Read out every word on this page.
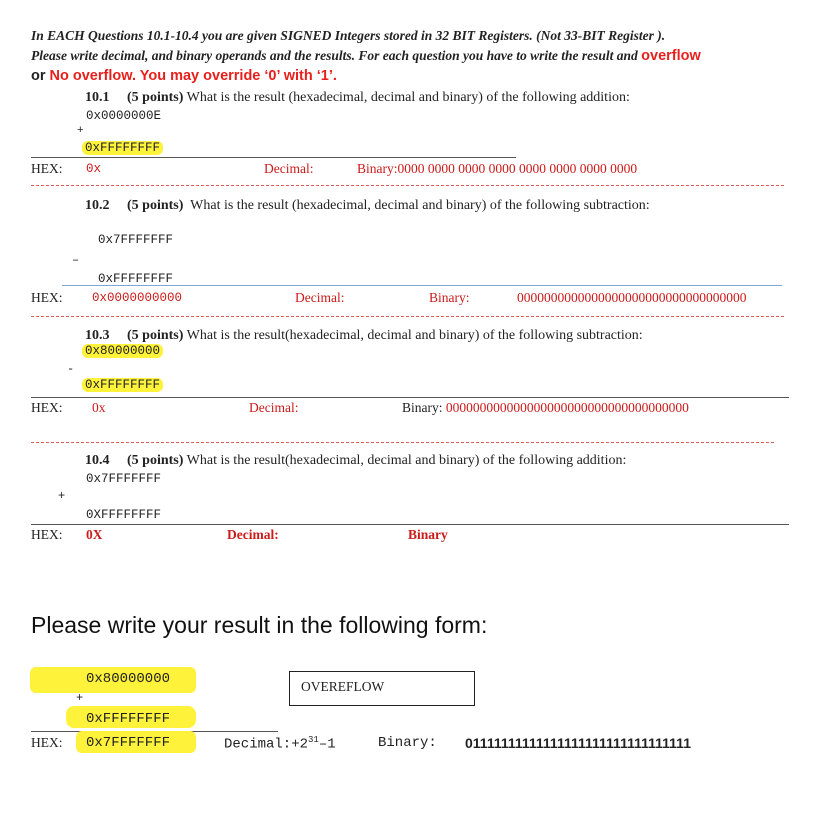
In EACH Questions 10.1-10.4 you are given SIGNED Integers stored in 32 BIT Registers. (Not 33-BIT Register ).
Please write decimal, and binary operands and the results. For each question you have to write the result and overflow
or No overflow. You may override ‘0’ with ‘1’.
10.1 (5 points) What is the result (hexadecimal, decimal and binary) of the following addition:
0x0000000E
+
0xFFFFFFFF
HEX: 0x	Decimal:	Binary:0000 0000 0000 0000 0000 0000 0000 0000
10.2 (5 points) What is the result (hexadecimal, decimal and binary) of the following subtraction:
0x7FFFFFFF
–
0xFFFFFFFF
HEX: 0x0000000000	Decimal:	Binary:	0000000000000000000000000000000000
10.3 (5 points) What is the result(hexadecimal, decimal and binary) of the following subtraction:
0x80000000
-
0xFFFFFFFF
HEX: 0x	Decimal:	Binary: 000000000000000000000000000000000000
10.4 (5 points) What is the result(hexadecimal, decimal and binary) of the following addition:
0x7FFFFFFF
+
0XFFFFFFFF
HEX: 0X	Decimal:	Binary
Please write your result in the following form:
0x80000000
+
0xFFFFFFFF
HEX: 0x7FFFFFFF	$Decimal:+2^{31}-1$	Binary: 01111111111111111111111111111111
OVEREFLOW
